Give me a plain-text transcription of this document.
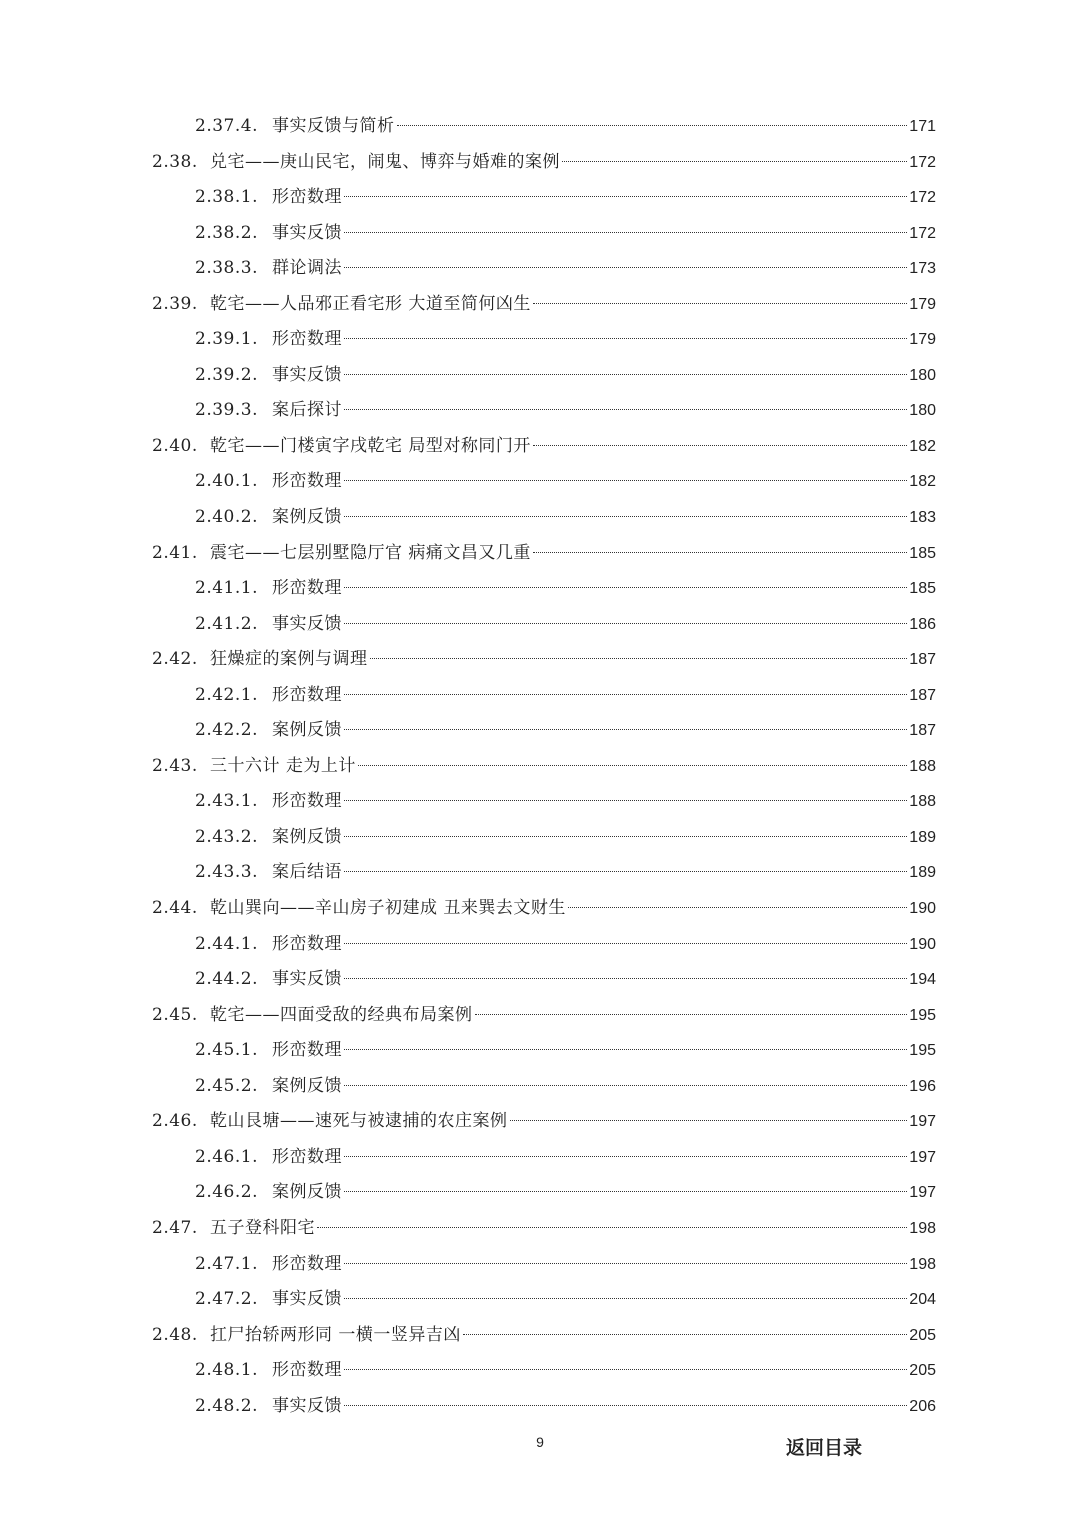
2.37.4. 事实反馈与简析	171
2.38. 兑宅——庚山民宅，闹鬼、博弈与婚难的案例	172
2.38.1. 形峦数理	172
2.38.2. 事实反馈	172
2.38.3. 群论调法	173
2.39. 乾宅——人品邪正看宅形 大道至简何凶生	179
2.39.1. 形峦数理	179
2.39.2. 事实反馈	180
2.39.3. 案后探讨	180
2.40. 乾宅——门楼寅字戌乾宅 局型对称同门开	182
2.40.1. 形峦数理	182
2.40.2. 案例反馈	183
2.41. 震宅——七层别墅隐厅官 病痛文昌又几重	185
2.41.1. 形峦数理	185
2.41.2. 事实反馈	186
2.42. 狂燥症的案例与调理	187
2.42.1. 形峦数理	187
2.42.2. 案例反馈	187
2.43. 三十六计 走为上计	188
2.43.1. 形峦数理	188
2.43.2. 案例反馈	189
2.43.3. 案后结语	189
2.44. 乾山巽向——辛山房子初建成 丑来巽去文财生	190
2.44.1. 形峦数理	190
2.44.2. 事实反馈	194
2.45. 乾宅——四面受敌的经典布局案例	195
2.45.1. 形峦数理	195
2.45.2. 案例反馈	196
2.46. 乾山艮塘——速死与被逮捕的农庄案例	197
2.46.1. 形峦数理	197
2.46.2. 案例反馈	197
2.47. 五子登科阳宅	198
2.47.1. 形峦数理	198
2.47.2. 事实反馈	204
2.48. 扛尸抬轿两形同 一横一竖异吉凶	205
2.48.1. 形峦数理	205
2.48.2. 事实反馈	206
9	返回目录
